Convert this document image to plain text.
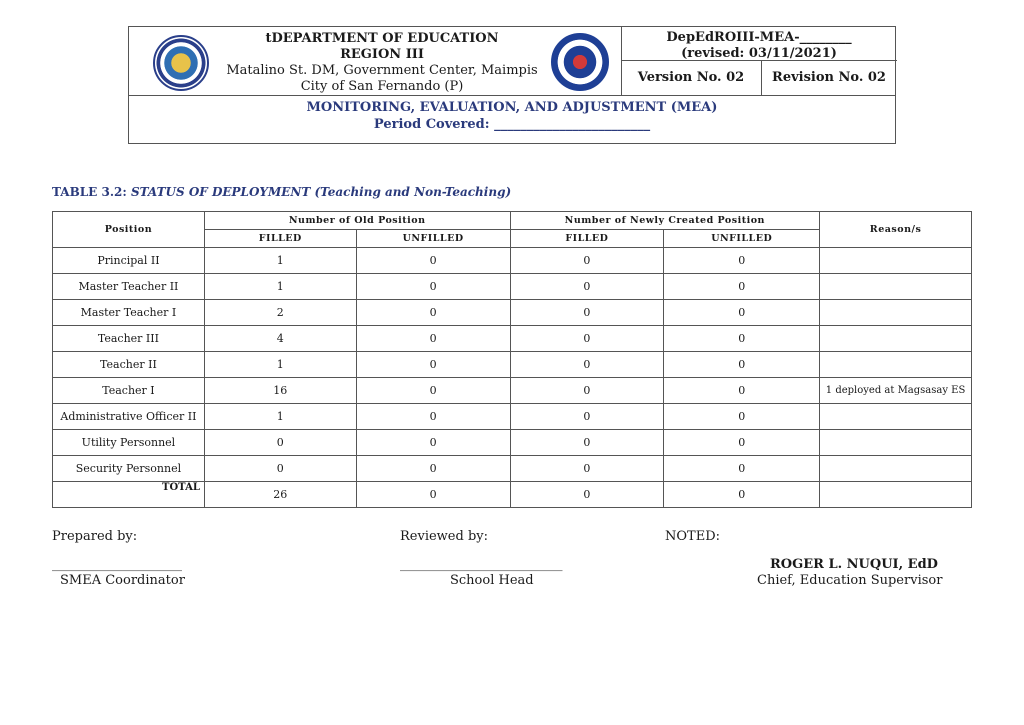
tDEPARTMENT OF EDUCATION
REGION III
Matalino St. DM, Government Center, Maimpis
City of San Fernando (P)
DepEdROIII-MEA-________
(revised: 03/11/2021)
Version No. 02	Revision No. 02
MONITORING, EVALUATION, AND ADJUSTMENT (MEA)
Period Covered: ________________________
TABLE 3.2: STATUS OF DEPLOYMENT (Teaching and Non-Teaching)
Position	Number of Old Position		Number of Newly Created Position		Reason/s
	FILLED	UNFILLED	FILLED	UNFILLED	
Principal II	1	0	0	0	
Master Teacher II	1	0	0	0	
Master Teacher I	2	0	0	0	
Teacher III	4	0	0	0	
Teacher II	1	0	0	0	
Teacher I	16	0	0	0	1 deployed at Magsasay ES
Administrative Officer II	1	0	0	0	
Utility Personnel	0	0	0	0	
Security Personnel	0	0	0	0	
TOTAL	26	0	0	0	
Prepared by:	Reviewed by:	NOTED:
____________________	_________________________
SMEA Coordinator	School Head
ROGER L. NUQUI, EdD
Chief, Education Supervisor
